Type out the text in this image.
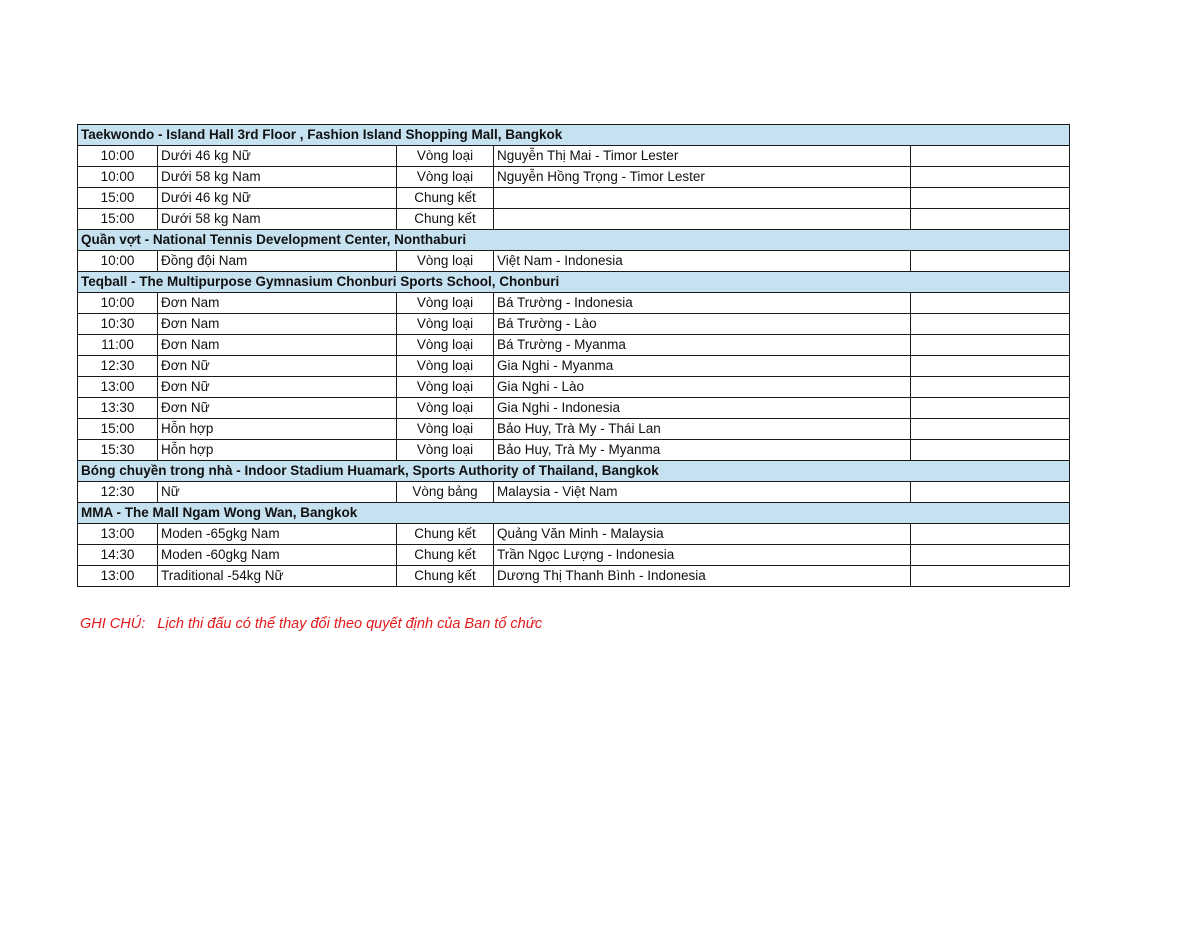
Taekwondo - Island Hall 3rd Floor , Fashion Island Shopping Mall, Bangkok				
10:00	Dưới 46 kg Nữ	Vòng loại	Nguyễn Thị Mai - Timor Lester	
10:00	Dưới 58 kg Nam	Vòng loại	Nguyễn Hồng Trọng - Timor Lester	
15:00	Dưới 46 kg Nữ	Chung kết		
15:00	Dưới 58 kg Nam	Chung kết		
Quần vợt - National Tennis Development Center, Nonthaburi				
10:00	Đồng đội Nam	Vòng loại	Việt Nam - Indonesia	
Teqball - The Multipurpose Gymnasium Chonburi Sports School, Chonburi				
10:00	Đơn Nam	Vòng loại	Bá Trường - Indonesia	
10:30	Đơn Nam	Vòng loại	Bá Trường - Lào	
11:00	Đơn Nam	Vòng loại	Bá Trường - Myanma	
12:30	Đơn Nữ	Vòng loại	Gia Nghi - Myanma	
13:00	Đơn Nữ	Vòng loại	Gia Nghi - Lào	
13:30	Đơn Nữ	Vòng loại	Gia Nghi - Indonesia	
15:00	Hỗn hợp	Vòng loại	Bảo Huy, Trà My - Thái Lan	
15:30	Hỗn hợp	Vòng loại	Bảo Huy, Trà My - Myanma	
Bóng chuyền trong nhà - Indoor Stadium Huamark, Sports Authority of Thailand, Bangkok				
12:30	Nữ	Vòng bảng	Malaysia - Việt Nam	
MMA - The Mall Ngam Wong Wan, Bangkok				
13:00	Moden -65gkg Nam	Chung kết	Quảng Văn Minh - Malaysia	
14:30	Moden -60gkg Nam	Chung kết	Trần Ngọc Lượng - Indonesia	
13:00	Traditional -54kg Nữ	Chung kết	Dương Thị Thanh Bình - Indonesia	
GHI CHÚ:   Lịch thi đấu có thể thay đổi theo quyết định của Ban tổ chức
